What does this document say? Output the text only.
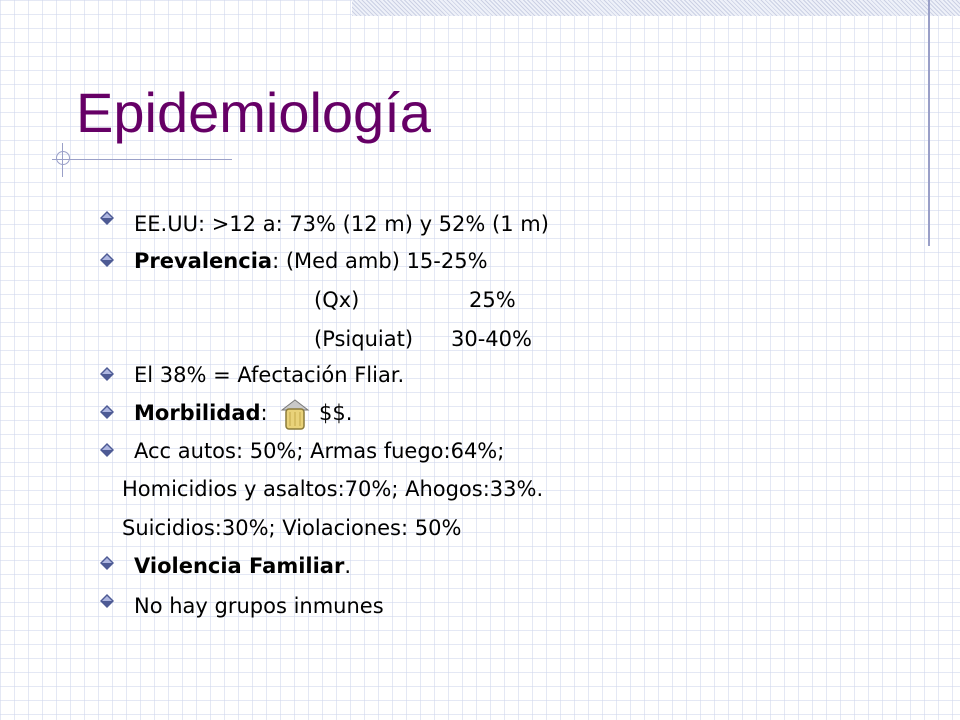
Epidemiología
EE.UU: >12 a: 73% (12 m) y 52% (1 m)
Prevalencia: (Med amb) 15-25%
(Qx)	25%
(Psiquiat) 30-40%
El 38% = Afectación Fliar.
Morbilidad: $$.
Acc autos: 50%; Armas fuego:64%;
Homicidios y asaltos:70%; Ahogos:33%.
Suicidios:30%; Violaciones: 50%
Violencia Familiar.
No hay grupos inmunes
